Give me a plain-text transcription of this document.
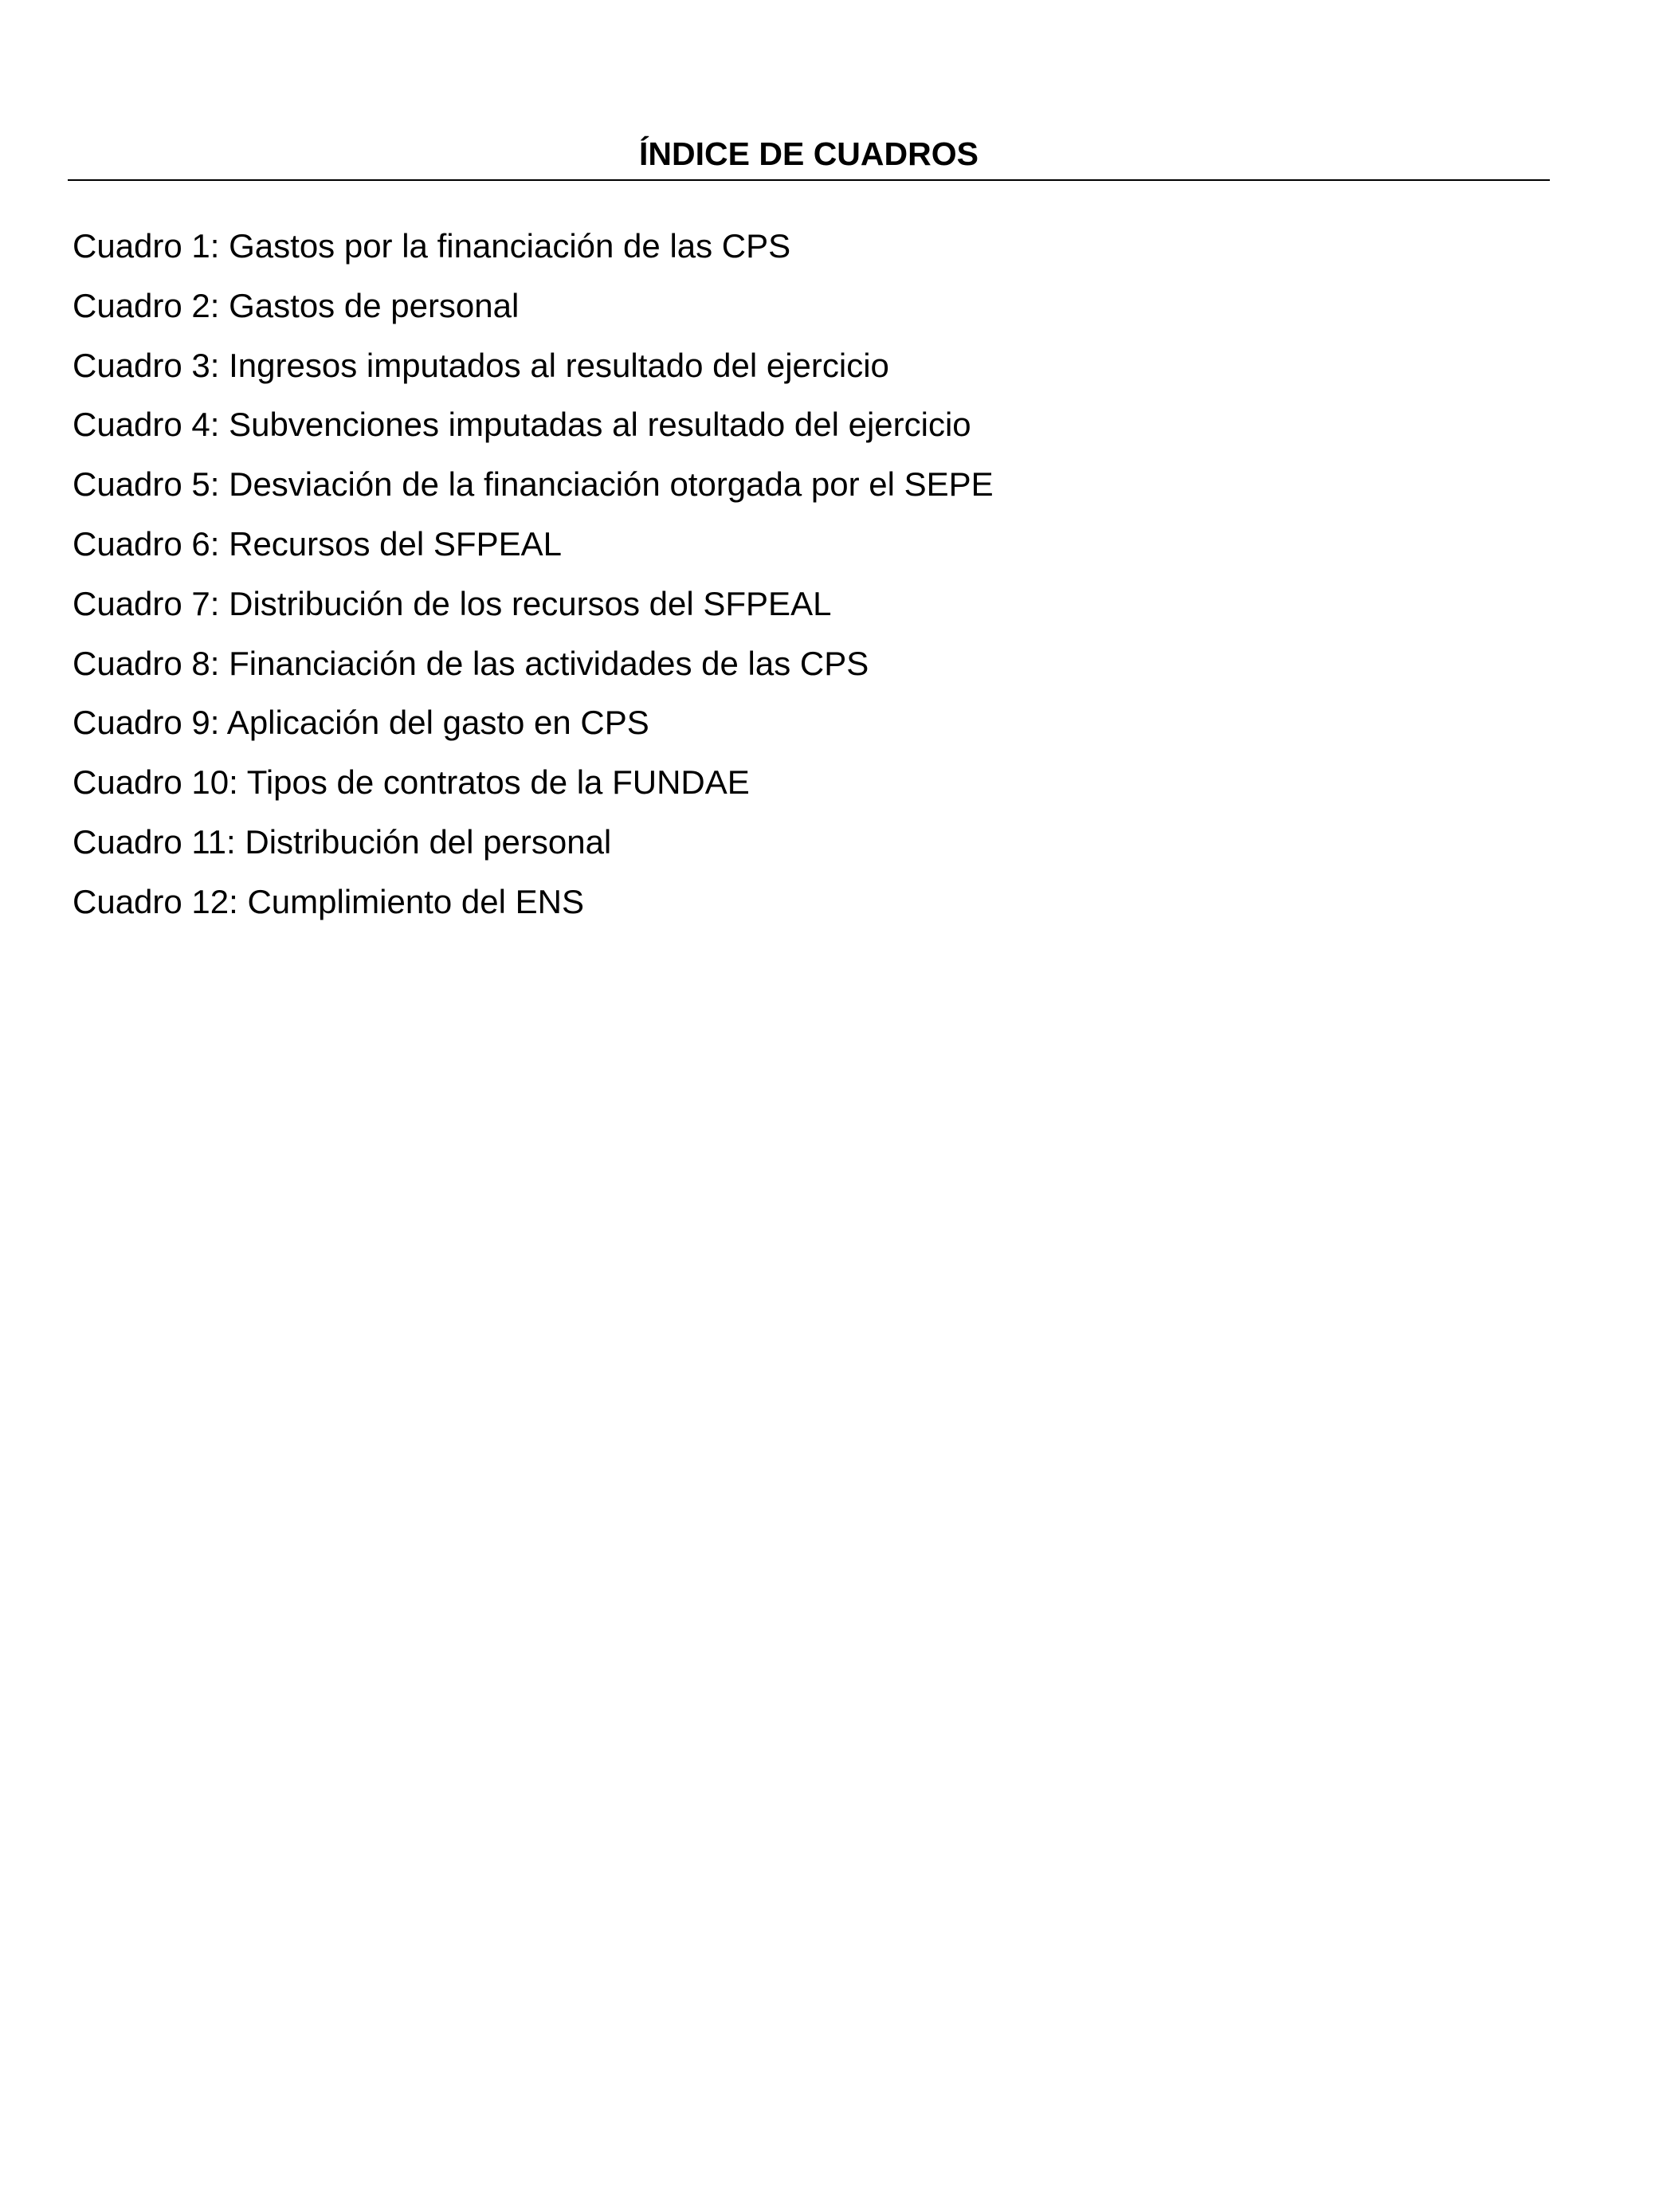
ÍNDICE DE CUADROS
Cuadro 1: Gastos por la financiación de las CPS
Cuadro 2: Gastos de personal
Cuadro 3: Ingresos imputados al resultado del ejercicio
Cuadro 4: Subvenciones imputadas al resultado del ejercicio
Cuadro 5: Desviación de la financiación otorgada por el SEPE
Cuadro 6: Recursos del SFPEAL
Cuadro 7: Distribución de los recursos del SFPEAL
Cuadro 8: Financiación de las actividades de las CPS
Cuadro 9: Aplicación del gasto en CPS
Cuadro 10: Tipos de contratos de la FUNDAE
Cuadro 11: Distribución del personal
Cuadro 12: Cumplimiento del ENS
